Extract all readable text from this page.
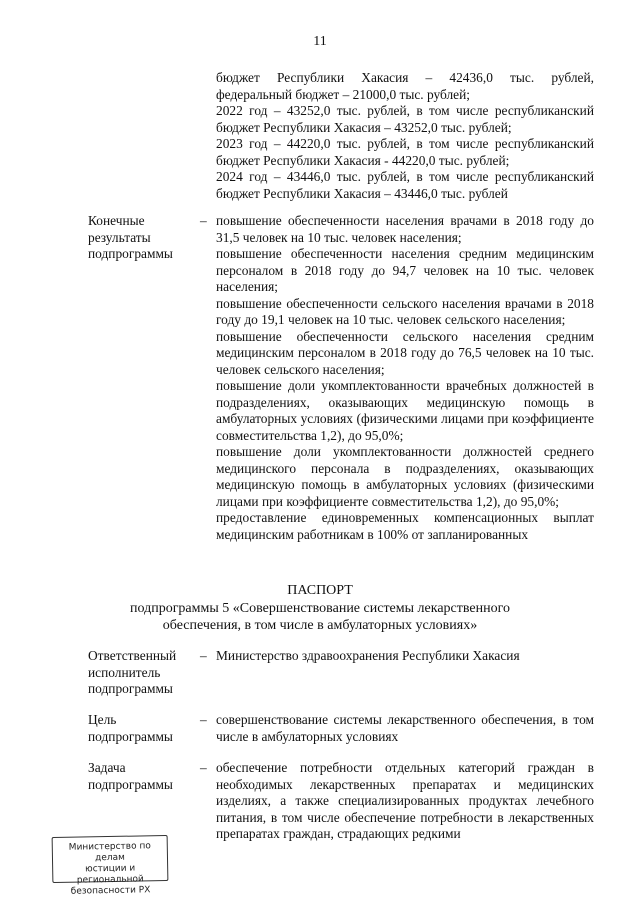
11
бюджет Республики Хакасия – 42436,0 тыс. рублей,
федеральный бюджет – 21000,0 тыс. рублей;
2022 год – 43252,0 тыс. рублей, в том числе республиканский
бюджет Республики Хакасия – 43252,0 тыс. рублей;
2023 год – 44220,0 тыс. рублей, в том числе республиканский
бюджет Республики Хакасия - 44220,0 тыс. рублей;
2024 год – 43446,0 тыс. рублей, в том числе республиканский
бюджет Республики Хакасия – 43446,0 тыс. рублей
Конечные
результаты
подпрограммы
– повышение обеспеченности населения врачами в 2018 году до 31,5 человек на 10 тыс. человек населения;

повышение обеспеченности населения средним медицинским персоналом в 2018 году до 94,7 человек на 10 тыс. человек населения;

повышение обеспеченности сельского населения врачами в 2018 году до 19,1 человек на 10 тыс. человек сельского населения;

повышение обеспеченности сельского населения средним медицинским персоналом в 2018 году до 76,5 человек на 10 тыс. человек сельского населения;

повышение доли укомплектованности врачебных должностей в подразделениях, оказывающих медицинскую помощь в амбулаторных условиях (физическими лицами при коэффициенте совместительства 1,2), до 95,0%;

повышение доли укомплектованности должностей среднего медицинского персонала в подразделениях, оказывающих медицинскую помощь в амбулаторных условиях (физическими лицами при коэффициенте совместительства 1,2), до 95,0%;

предоставление единовременных компенсационных выплат медицинским работникам в 100% от запланированных

ПАСПОРТ
подпрограммы 5 «Совершенствование системы лекарственного
обеспечения, в том числе в амбулаторных условиях»
Ответственный
исполнитель
подпрограммы
– Министерство здравоохранения Республики Хакасия
Цель
подпрограммы
– совершенствование системы лекарственного обеспечения, в том числе в амбулаторных условиях
Задача
подпрограммы
– обеспечение потребности отдельных категорий граждан в необходимых лекарственных препаратах и медицинских изделиях, а также специализированных продуктах лечебного питания, в том числе обеспечение потребности в лекарственных препаратах граждан, страдающих редкими
Министерство по делам
юстиции и региональной
безопасности РХ
